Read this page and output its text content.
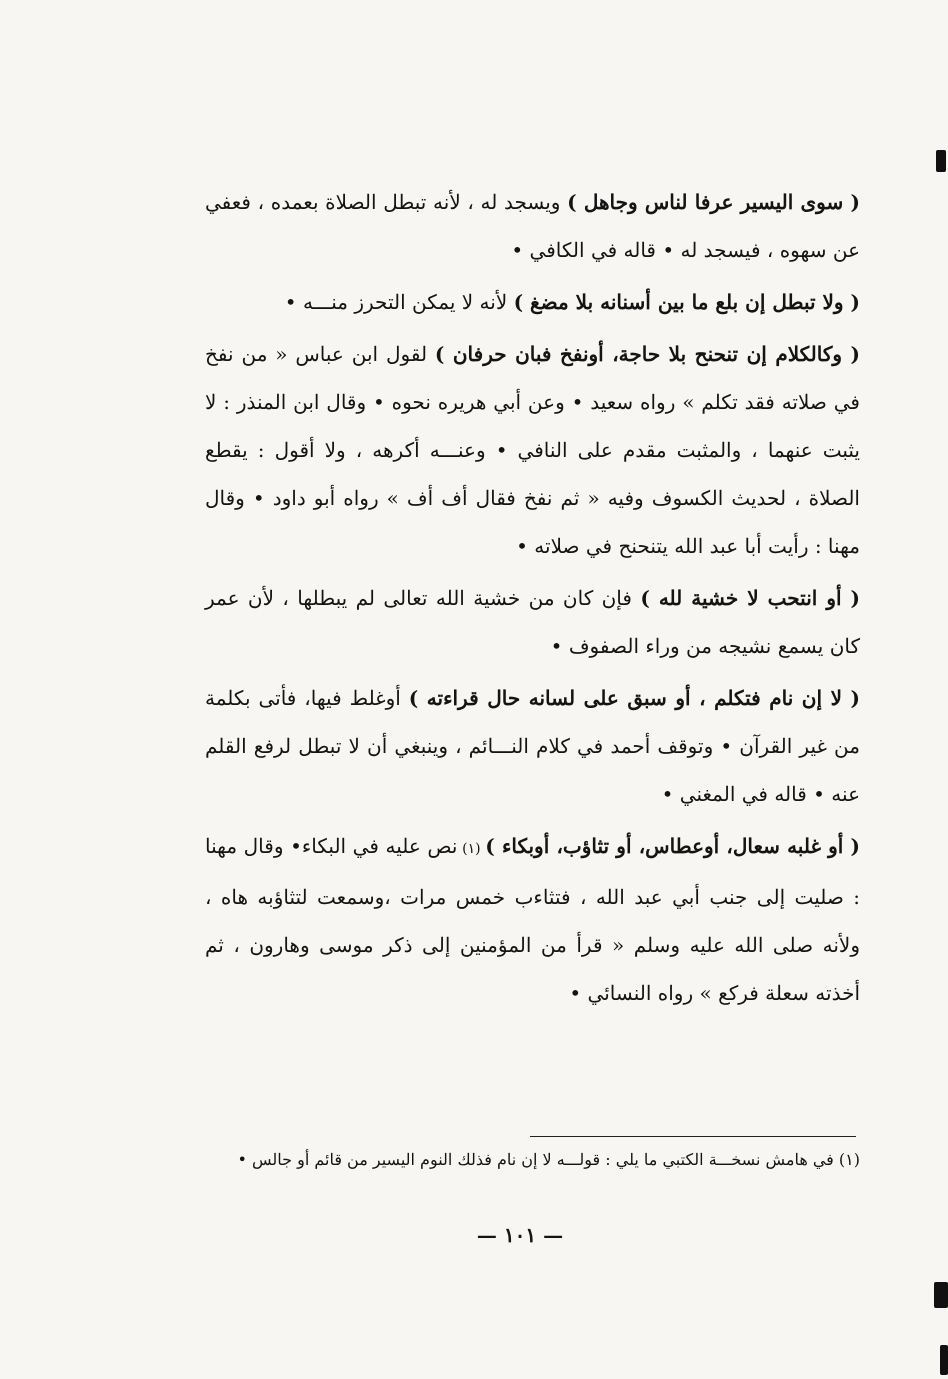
( سوى اليسير عرفا لناس وجاهل ) ويسجد له ، لأنه تبطل الصلاة بعمده ، فعفي عن سهوه ، فيسجد له • قاله في الكافي •

( ولا تبطل إن بلع ما بين أسنانه بلا مضغ ) لأنه لا يمكن التحرز منـــه •

( وكالكلام إن تنحنح بلا حاجة، أونفخ فبان حرفان ) لقول ابن عباس « من نفخ في صلاته فقد تكلم » رواه سعيد • وعن أبي هريره نحوه • وقال ابن المنذر : لا يثبت عنهما ، والمثبت مقدم على النافي • وعنـــه أكرهه ، ولا أقول : يقطع الصلاة ، لحديث الكسوف وفيه « ثم نفخ فقال أف أف » رواه أبو داود • وقال مهنا : رأيت أبا عبد الله يتنحنح في صلاته •

( أو انتحب لا خشية لله ) فإن كان من خشية الله تعالى لم يبطلها ، لأن عمر كان يسمع نشيجه من وراء الصفوف •

( لا إن نام فتكلم ، أو سبق على لسانه حال قراءته ) أوغلط فيها، فأتى بكلمة من غير القرآن • وتوقف أحمد في كلام النـــائم ، وينبغي أن لا تبطل لرفع القلم عنه • قاله في المغني •

( أو غلبه سعال، أوعطاس، أو تثاؤب، أوبكاء ) (١) نص عليه في البكاء• وقال مهنا : صليت إلى جنب أبي عبد الله ، فتثاءب خمس مرات ،وسمعت لتثاؤبه هاه ، ولأنه صلى الله عليه وسلم « قرأ من المؤمنين إلى ذكر موسى وهارون ، ثم أخذته سعلة فركع » رواه النسائي •

(١) في هامش نسخـــة الكتبي ما يلي : قولـــه لا إن نام فذلك النوم اليسير من قائم أو جالس •
— ١٠١ —
